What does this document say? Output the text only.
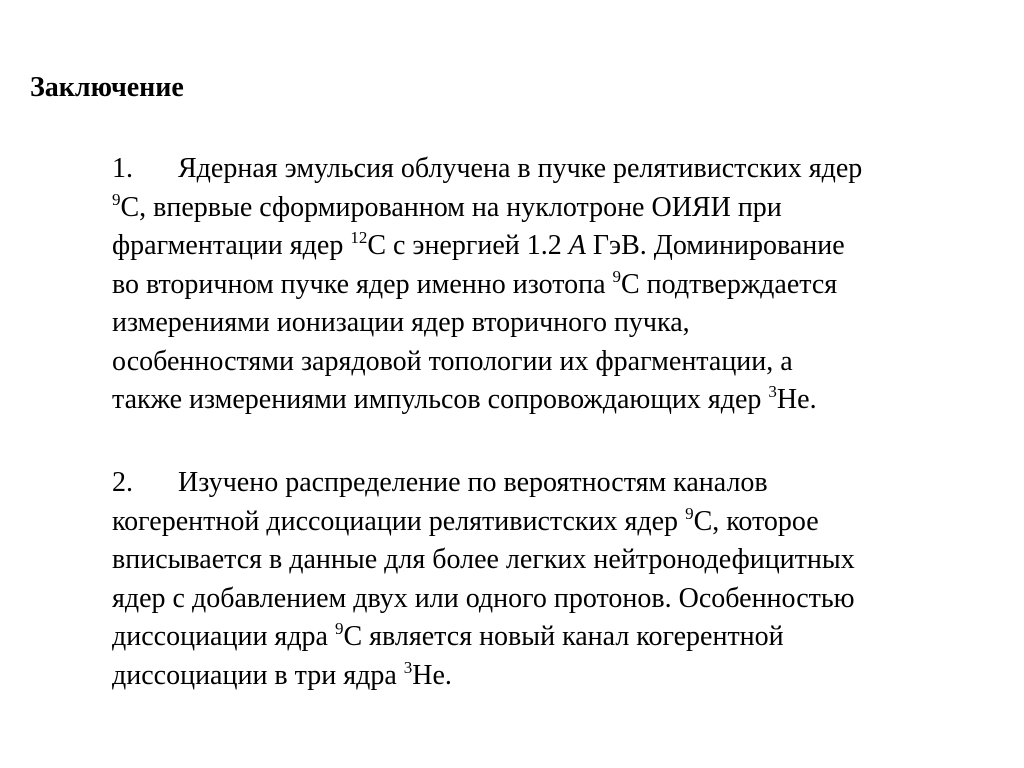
Заключение
1. Ядерная эмульсия облучена в пучке релятивистских ядер
$^9$C, впервые сформированном на нуклотроне ОИЯИ при
фрагментации ядер $^{12}$C с энергией 1.2 A ГэВ. Доминирование
во вторичном пучке ядер именно изотопа $^9$C подтверждается
измерениями ионизации ядер вторичного пучка,
особенностями зарядовой топологии их фрагментации, а
также измерениями импульсов сопровождающих ядер $^3$He.
2. Изучено распределение по вероятностям каналов
когерентной диссоциации релятивистских ядер $^9$C, которое
вписывается в данные для более легких нейтронодефицитных
ядер с добавлением двух или одного протонов. Особенностью
диссоциации ядра $^9$C является новый канал когерентной
диссоциации в три ядра $^3$He.
